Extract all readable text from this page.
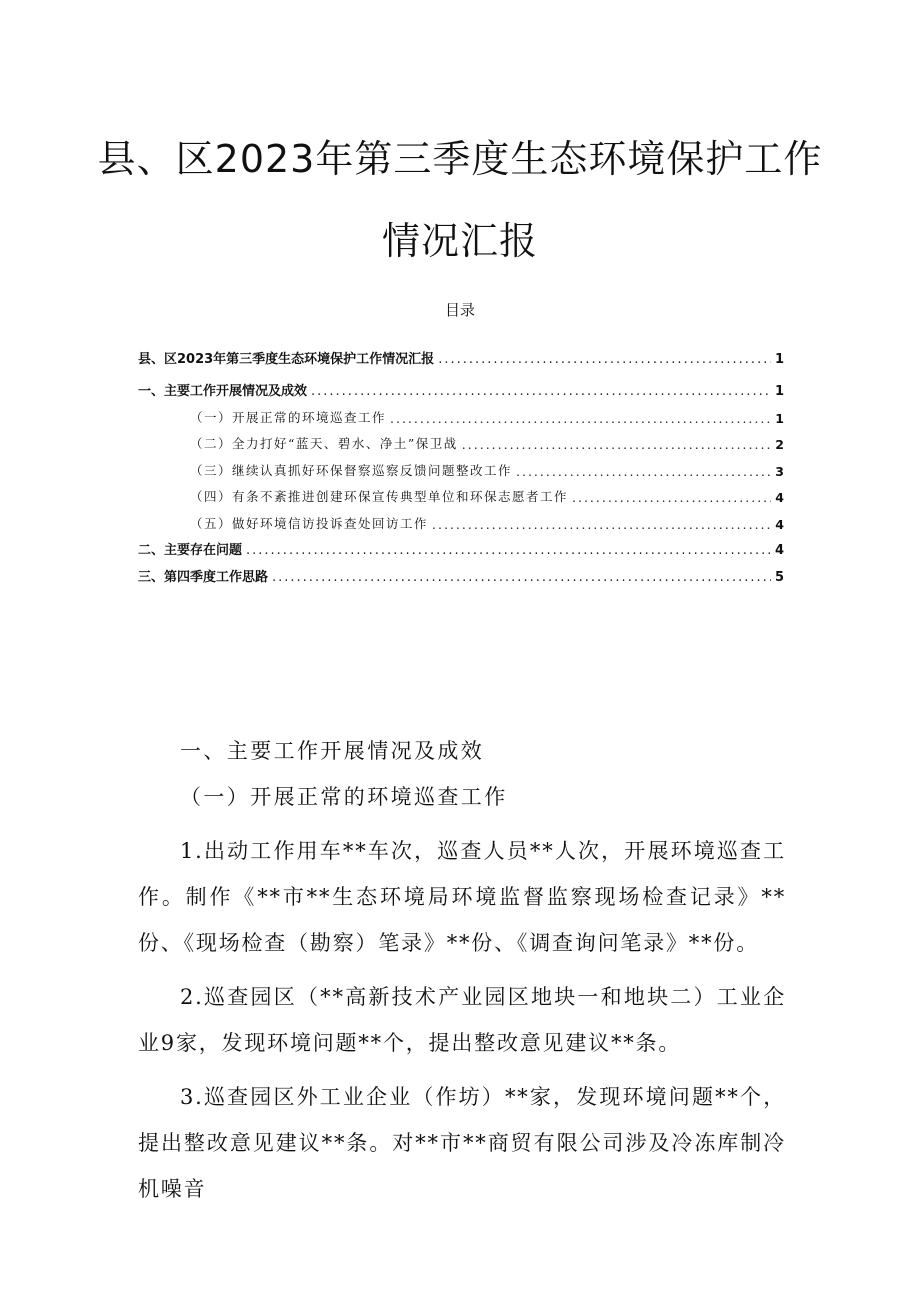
县、区2023年第三季度生态环境保护工作
情况汇报
目录
县、区2023年第三季度生态环境保护工作情况汇报 .....	1
一、主要工作开展情况及成效 .....	1
（一）开展正常的环境巡查工作 .....	1
（二）全力打好“蓝天、碧水、净土”保卫战 .....	2
（三）继续认真抓好环保督察巡察反馈问题整改工作 .....	3
（四）有条不紊推进创建环保宣传典型单位和环保志愿者工作 .....	4
（五）做好环境信访投诉查处回访工作 .....	4
二、主要存在问题 .....	4
三、第四季度工作思路 .....	5

一、主要工作开展情况及成效

（一）开展正常的环境巡查工作

1.出动工作用车**车次，巡查人员**人次，开展环境巡查工作。制作《**市**生态环境局环境监督监察现场检查记录》**份、《现场检查（勘察）笔录》**份、《调查询问笔录》**份。

2.巡查园区（**高新技术产业园区地块一和地块二）工业企业9家，发现环境问题**个，提出整改意见建议**条。

3.巡查园区外工业企业（作坊）**家，发现环境问题**个，提出整改意见建议**条。对**市**商贸有限公司涉及冷冻库制冷机噪音
